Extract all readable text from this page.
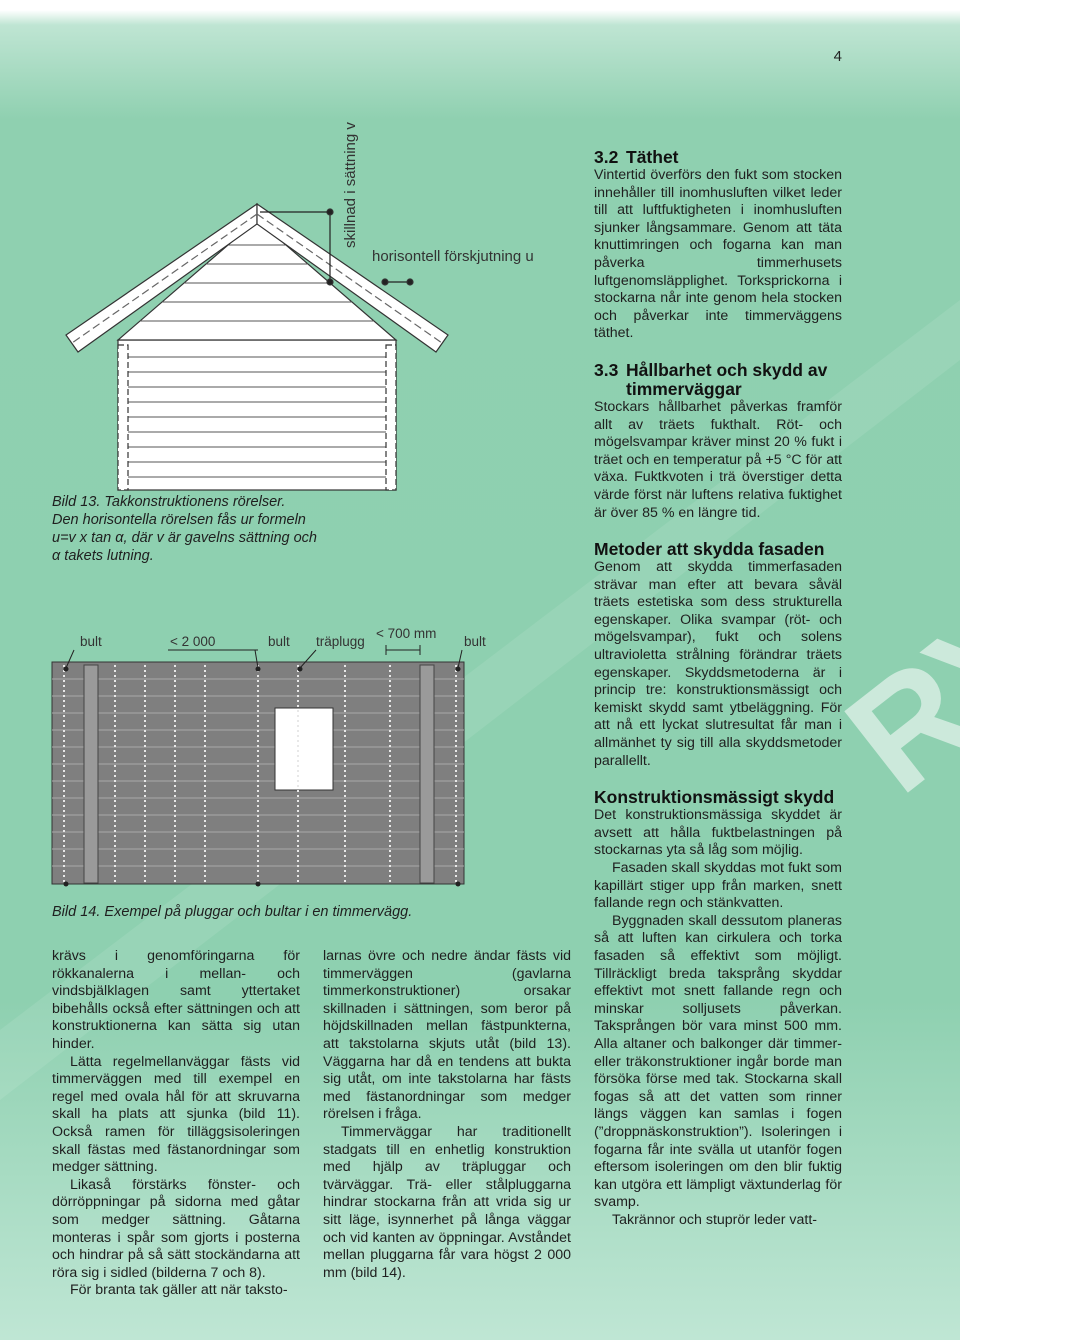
RY
4
skillnad i sättning v
horisontell förskjutning u
Bild 13. Takkonstruktionens rörelser.
Den horisontella rörelsen fås ur formeln
u=v x tan α, där v är gavelns sättning och
α takets lutning.
bult	< 2 000	bult träplugg
< 700 mm
bult
Bild 14. Exempel på pluggar och bultar i en timmervägg.
3.2 Täthet

Vintertid överförs den fukt som stocken innehåller till inomhusluften vilket leder till att luftfuktigheten i inomhusluften sjunker långsammare. Genom att täta knuttimringen och fogarna kan man påverka timmerhusets luftgenomsläpplighet. Torksprickorna i stockarna når inte genom hela stocken och påverkar inte timmerväggens täthet.

3.3 Hållbarhet och skydd av timmerväggar

Stockars hållbarhet påverkas framför allt av träets fukthalt. Röt- och mögelsvampar kräver minst 20 % fukt i träet och en temperatur på +5 °C för att växa. Fuktkvoten i trä överstiger detta värde först när luftens relativa fuktighet är över 85 % en längre tid.

Metoder att skydda fasaden

Genom att skydda timmerfasaden strävar man efter att bevara såväl träets estetiska som dess strukturella egenskaper. Olika svampar (röt- och mögelsvampar), fukt och solens ultravioletta strålning förändrar träets egenskaper. Skyddsmetoderna är i princip tre: konstruktionsmässigt och kemiskt skydd samt ytbeläggning. För att nå ett lyckat slutresultat får man i allmänhet ty sig till alla skyddsmetoder parallellt.

Konstruktionsmässigt skydd

Det konstruktionsmässiga skyddet är avsett att hålla fuktbelastningen på stockarnas yta så låg som möjlig.

Fasaden skall skyddas mot fukt som kapillärt stiger upp från marken, snett fallande regn och stänkvatten.

Byggnaden skall dessutom planeras så att luften kan cirkulera och torka fasaden så effektivt som möjligt. Tillräckligt breda taksprång skyddar effektivt mot snett fallande regn och minskar solljusets påverkan. Taksprången bör vara minst 500 mm. Alla altaner och balkonger där timmer- eller träkonstruktioner ingår borde man försöka förse med tak. Stockarna skall fogas så att det vatten som rinner längs väggen kan samlas i fogen (”droppnäskonstruktion”). Isoleringen i fogarna får inte svälla ut utanför fogen eftersom isoleringen om den blir fuktig kan utgöra ett lämpligt växtunderlag för svamp.

Takrännor och stuprör leder vatt-

krävs i genomföringarna för rökkanalerna i mellan- och vindsbjälklagen samt yttertaket bibehålls också efter sättningen och att konstruktionerna kan sätta sig utan hinder.

Lätta regelmellanväggar fästs vid timmerväggen med till exempel en regel med ovala hål för att skruvarna skall ha plats att sjunka (bild 11). Också ramen för tilläggsisoleringen skall fästas med fästanordningar som medger sättning.

Likaså förstärks fönster- och dörröppningar på sidorna med gåtar som medger sättning. Gåtarna monteras i spår som gjorts i posterna och hindrar på så sätt stockändarna att röra sig i sidled (bilderna 7 och 8).

För branta tak gäller att när taksto-

larnas övre och nedre ändar fästs vid timmerväggen (gavlarna timmerkonstruktioner) orsakar skillnaden i sättningen, som beror på höjdskillnaden mellan fästpunkterna, att takstolarna skjuts utåt (bild 13). Väggarna har då en tendens att bukta sig utåt, om inte takstolarna har fästs med fästanordningar som medger rörelsen i fråga.

Timmerväggar har traditionellt stadgats till en enhetlig konstruktion med hjälp av träpluggar och tvärväggar. Trä- eller stålpluggarna hindrar stockarna från att vrida sig ur sitt läge, isynnerhet på långa väggar och vid kanten av öppningar. Avståndet mellan pluggarna får vara högst 2 000 mm (bild 14).
